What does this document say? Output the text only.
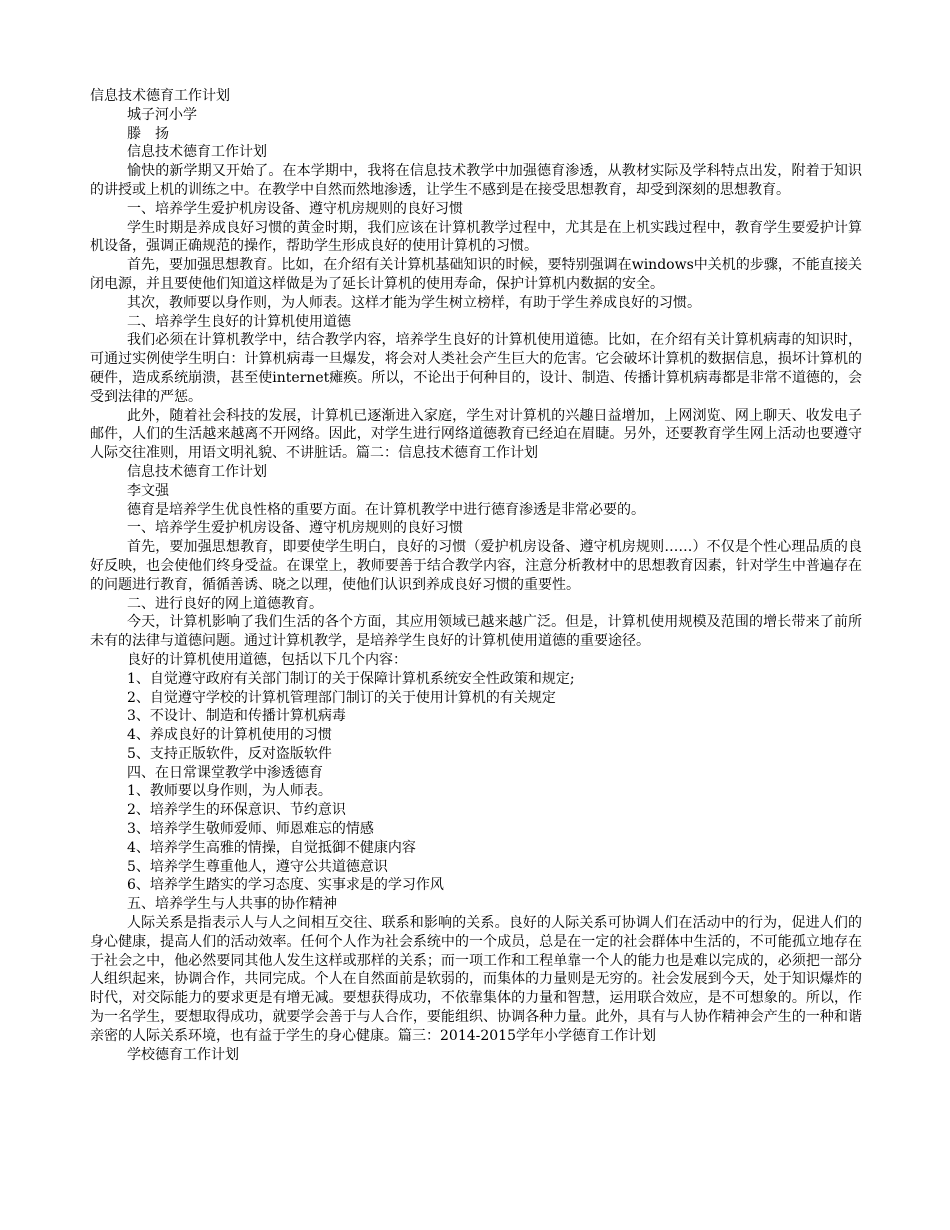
信息技术德育工作计划

城子河小学

滕　扬

信息技术德育工作计划

愉快的新学期又开始了。在本学期中，我将在信息技术教学中加强德育渗透，从教材实际及学科特点出发，附着于知识的讲授或上机的训练之中。在教学中自然而然地渗透，让学生不感到是在接受思想教育，却受到深刻的思想教育。

一、培养学生爱护机房设备、遵守机房规则的良好习惯

学生时期是养成良好习惯的黄金时期，我们应该在计算机教学过程中，尤其是在上机实践过程中，教育学生要爱护计算机设备，强调正确规范的操作，帮助学生形成良好的使用计算机的习惯。

首先，要加强思想教育。比如，在介绍有关计算机基础知识的时候，要特别强调在windows中关机的步骤，不能直接关闭电源，并且要使他们知道这样做是为了延长计算机的使用寿命，保护计算机内数据的安全。

其次，教师要以身作则，为人师表。这样才能为学生树立榜样，有助于学生养成良好的习惯。

二、培养学生良好的计算机使用道德

我们必须在计算机教学中，结合教学内容，培养学生良好的计算机使用道德。比如，在介绍有关计算机病毒的知识时，可通过实例使学生明白：计算机病毒一旦爆发，将会对人类社会产生巨大的危害。它会破坏计算机的数据信息，损坏计算机的硬件，造成系统崩溃，甚至使internet瘫痪。所以，不论出于何种目的，设计、制造、传播计算机病毒都是非常不道德的，会受到法律的严惩。

此外，随着社会科技的发展，计算机已逐渐进入家庭，学生对计算机的兴趣日益增加，上网浏览、网上聊天、收发电子邮件，人们的生活越来越离不开网络。因此，对学生进行网络道德教育已经迫在眉睫。另外，还要教育学生网上活动也要遵守人际交往准则，用语文明礼貌、不讲脏话。篇二：信息技术德育工作计划

信息技术德育工作计划

李文强

德育是培养学生优良性格的重要方面。在计算机教学中进行德育渗透是非常必要的。

一、培养学生爱护机房设备、遵守机房规则的良好习惯

首先，要加强思想教育，即要使学生明白，良好的习惯（爱护机房设备、遵守机房规则……）不仅是个性心理品质的良好反映，也会使他们终身受益。在课堂上，教师要善于结合教学内容，注意分析教材中的思想教育因素，针对学生中普遍存在的问题进行教育，循循善诱、晓之以理，使他们认识到养成良好习惯的重要性。

二、进行良好的网上道德教育。

今天，计算机影响了我们生活的各个方面，其应用领域已越来越广泛。但是，计算机使用规模及范围的增长带来了前所未有的法律与道德问题。通过计算机教学，是培养学生良好的计算机使用道德的重要途径。

良好的计算机使用道德，包括以下几个内容：

1、自觉遵守政府有关部门制订的关于保障计算机系统安全性政策和规定;

2、自觉遵守学校的计算机管理部门制订的关于使用计算机的有关规定

3、不设计、制造和传播计算机病毒

4、养成良好的计算机使用的习惯

5、支持正版软件，反对盗版软件

四、在日常课堂教学中渗透德育

1、教师要以身作则，为人师表。

2、培养学生的环保意识、节约意识

3、培养学生敬师爱师、师恩难忘的情感

4、培养学生高雅的情操，自觉抵御不健康内容

5、培养学生尊重他人，遵守公共道德意识

6、培养学生踏实的学习态度、实事求是的学习作风

五、培养学生与人共事的协作精神

人际关系是指表示人与人之间相互交往、联系和影响的关系。良好的人际关系可协调人们在活动中的行为，促进人们的身心健康，提高人们的活动效率。任何个人作为社会系统中的一个成员，总是在一定的社会群体中生活的，不可能孤立地存在于社会之中，他必然要同其他人发生这样或那样的关系；而一项工作和工程单靠一个人的能力也是难以完成的，必须把一部分人组织起来，协调合作，共同完成。个人在自然面前是软弱的，而集体的力量则是无穷的。社会发展到今天，处于知识爆炸的时代，对交际能力的要求更是有增无减。要想获得成功，不依靠集体的力量和智慧，运用联合效应，是不可想象的。所以，作为一名学生，要想取得成功，就要学会善于与人合作，要能组织、协调各种力量。此外，具有与人协作精神会产生的一种和谐亲密的人际关系环境，也有益于学生的身心健康。篇三：2014-2015学年小学德育工作计划

学校德育工作计划
